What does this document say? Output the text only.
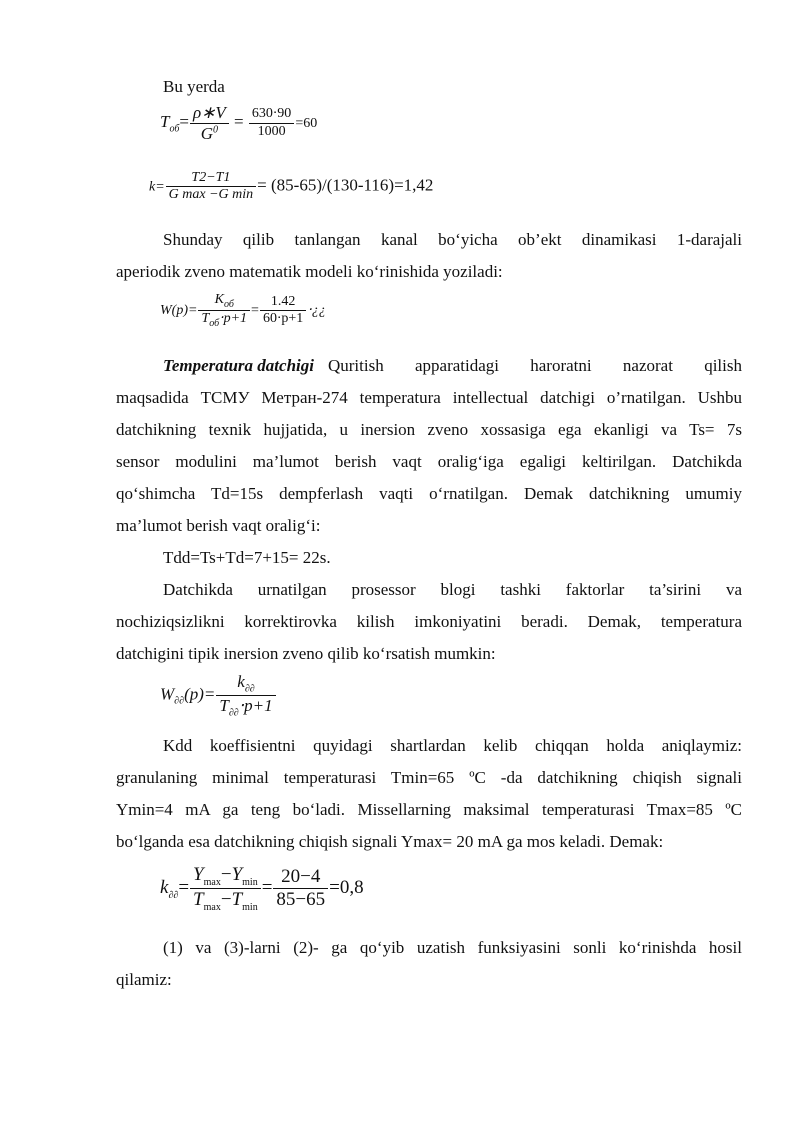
Bu yerda
$T_{об}= \frac{\rho∗V}{G^0} = \frac{630\cdot 90}{1000} =60$
$k= \frac{T2-T1}{\text{G max −G min}} = (85-65)/(130-116)=1,42$
Shunday qilib tanlangan kanal bo‘yicha ob’ekt dinamikasi 1-darajali
aperiodik zveno matematik modeli ko‘rinishida yoziladi:
$W(p)= \frac{K_{об}}{T_{об}\cdot p+1} = \frac{1.42}{60\cdot p+1}$ ⋅¿¿
Temperatura datchigi Quritish apparatidagi haroratni nazorat qilish
maqsadida ТСМУ Метран-274 temperatura intellectual datchigi o’rnatilgan. Ushbu
datchikning texnik hujjatida, u inersion zveno xossasiga ega ekanligi va Ts= 7s
sensor modulini ma’lumot berish vaqt oralig‘iga egaligi keltirilgan. Datchikda
qo‘shimcha Td=15s dempferlash vaqti o‘rnatilgan. Demak datchikning umumiy
ma’lumot berish vaqt oralig‘i:
Tdd=Ts+Td=7+15= 22s.
Datchikda urnatilgan prosessor blogi tashki faktorlar ta’sirini va
nochiziqsizlikni korrektirovka kilish imkoniyatini beradi. Demak, temperatura
datchigini tipik inersion zveno qilib ko‘rsatish mumkin:
$W_{\partial\partial}(p)= \frac{k_{\partial\partial}}{T_{\partial\partial}\cdot p+1}$
Kdd koeffisientni quyidagi shartlardan kelib chiqqan holda aniqlaymiz:
granulaning minimal temperaturasi Tmin=65 ºC -da datchikning chiqish signali
Ymin=4 mA ga teng bo‘ladi. Missellarning maksimal temperaturasi Tmax=85 ºC
bo‘lganda esa datchikning chiqish signali Ymax= 20 mA ga mos keladi. Demak:
$k_{\partial\partial}= \frac{Y_{max}-Y_{min}}{T_{max}-T_{min}} = \frac{20-4}{85-65} =0,8$
(1) va (3)-larni (2)- ga qo‘yib uzatish funksiyasini sonli ko‘rinishda hosil
qilamiz:
